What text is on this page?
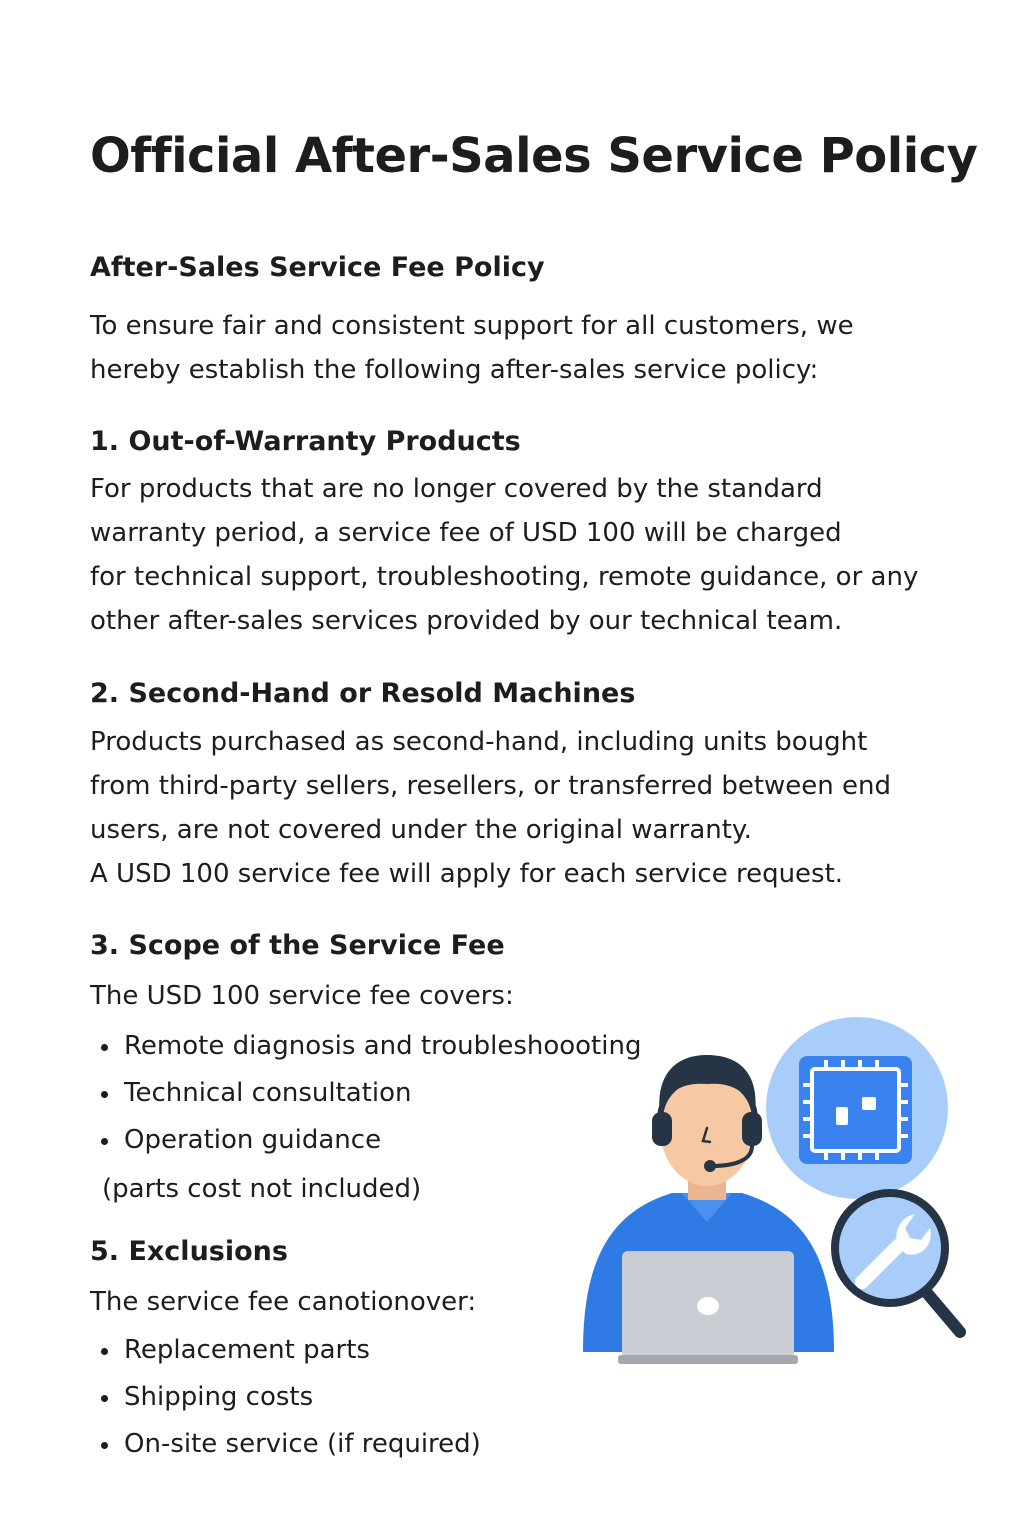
Official After-Sales Service Policy
After-Sales Service Fee Policy

To ensure fair and consistent support for all customers, we
hereby establish the following after-sales service policy:

1. Out-of-Warranty Products

For products that are no longer covered by the standard
warranty period, a service fee of USD 100 will be charged
for technical support, troubleshooting, remote guidance, or any
other after-sales services provided by our technical team.

2. Second-Hand or Resold Machines

Products purchased as second-hand, including units bought
from third-party sellers, resellers, or transferred between end
users, are not covered under the original warranty.
A USD 100 service fee will apply for each service request.

3. Scope of the Service Fee

The USD 100 service fee covers:

Remote diagnosis and troubleshoooting
Technical consultation
Operation guidance

(parts cost not included)

5. Exclusions

The service fee canotionover:

Replacement parts
Shipping costs
On-site service (if required)
